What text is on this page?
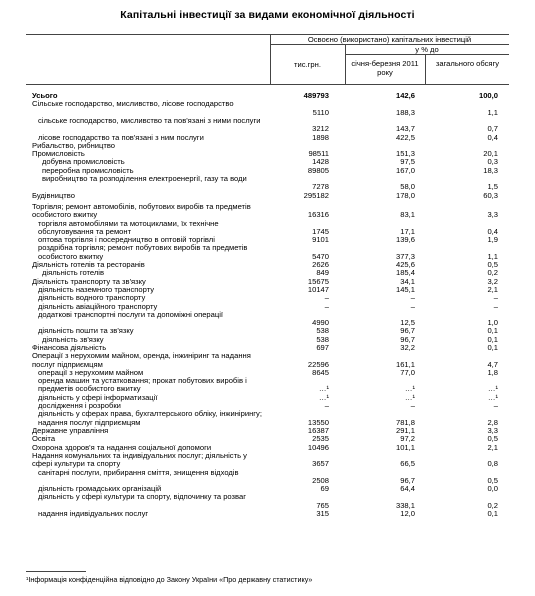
Капітальні інвестиції за видами економічної діяльності
Освоєно (використано) капітальних інвестицій
тис.грн.
у % до
січня-березня 2011 року
загального обсягу
Усього	489793	142,6	100,0
Сільське господарство, мисливство, лісове господарство
5110	188,3	1,1
сільське господарство, мисливство та пов'язані з ними послуги
3212	143,7	0,7
лісове господарство та пов'язані з ним послуги	1898	422,5	0,4
Рибальство, рибництво
Промисловість	98511	151,3	20,1
добувна промисловість	1428	97,5	0,3
переробна промисловість	89805	167,0	18,3
виробництво та розподілення електроенергії, газу та води
7278	58,0	1,5
Будівництво	295182	178,0	60,3
Торгівля; ремонт автомобілів, побутових виробів та предметів особистого вжитку	16316	83,1	3,3
торгівля автомобілями та мотоциклами, їх технічне обслуговування та ремонт	1745	17,1	0,4
оптова торгівля і посередництво в оптовій торгівлі	9101	139,6	1,9
роздрібна торгівля; ремонт побутових виробів та предметів особистого вжитку	5470	377,3	1,1
Діяльність готелів та ресторанів	2626	425,6	0,5
діяльність готелів	849	185,4	0,2
Діяльність транспорту та зв'язку	15675	34,1	3,2
діяльність наземного транспорту	10147	145,1	2,1
діяльність водного транспорту	–	–	–
діяльність авіаційного транспорту	–	–	–
додаткові транспортні послуги та допоміжні операції
4990	12,5	1,0
діяльність пошти та зв'язку	538	96,7	0,1
діяльність зв'язку	538	96,7	0,1
Фінансова діяльність	697	32,2	0,1
Операції з нерухомим майном, оренда, інжиніринг та надання послуг підприємцям	22596	161,1	4,7
операції з нерухомим майном	8645	77,0	1,8
оренда машин та устатковання; прокат побутових виробів і предметів особистого вжитку	…¹	…¹	…¹
діяльність у сфері інформатизації	…¹	…¹	…¹
дослідження і розробки	–	–	–
діяльність у сферах права, бухгалтерського обліку, інжинірингу; надання послуг підприємцям	13550	781,8	2,8
Державне управління	16387	291,1	3,3
Освіта	2535	97,2	0,5
Охорона здоров'я та надання соціальної допомоги	10496	101,1	2,1
Надання комунальних та індивідуальних послуг; діяльність у сфері культури та спорту	3657	66,5	0,8
санітарні послуги, прибирання сміття, знищення відходів
2508	96,7	0,5
діяльність громадських організацій	69	64,4	0,0
діяльність у сфері культури та спорту, відпочинку та розваг
765	338,1	0,2
надання індивідуальних послуг	315	12,0	0,1
¹Інформація конфіденційна відповідно до Закону України «Про державну статистику»
